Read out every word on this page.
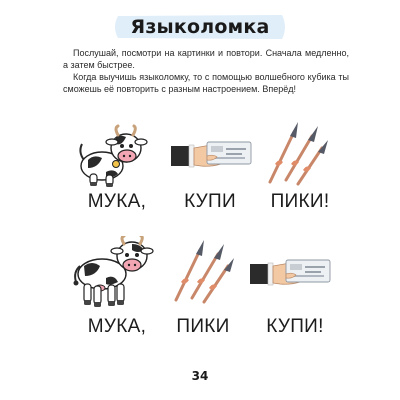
Языколомка

Послушай, посмотри на картинки и повтори. Сначала медленно, а затем быстрее.

Когда выучишь языколомку, то с помощью волшебного кубика ты сможешь её повторить с разным настроением. Вперёд!

МУКА,	КУПИ	ПИКИ!
МУКА,	ПИКИ	КУПИ!
34
